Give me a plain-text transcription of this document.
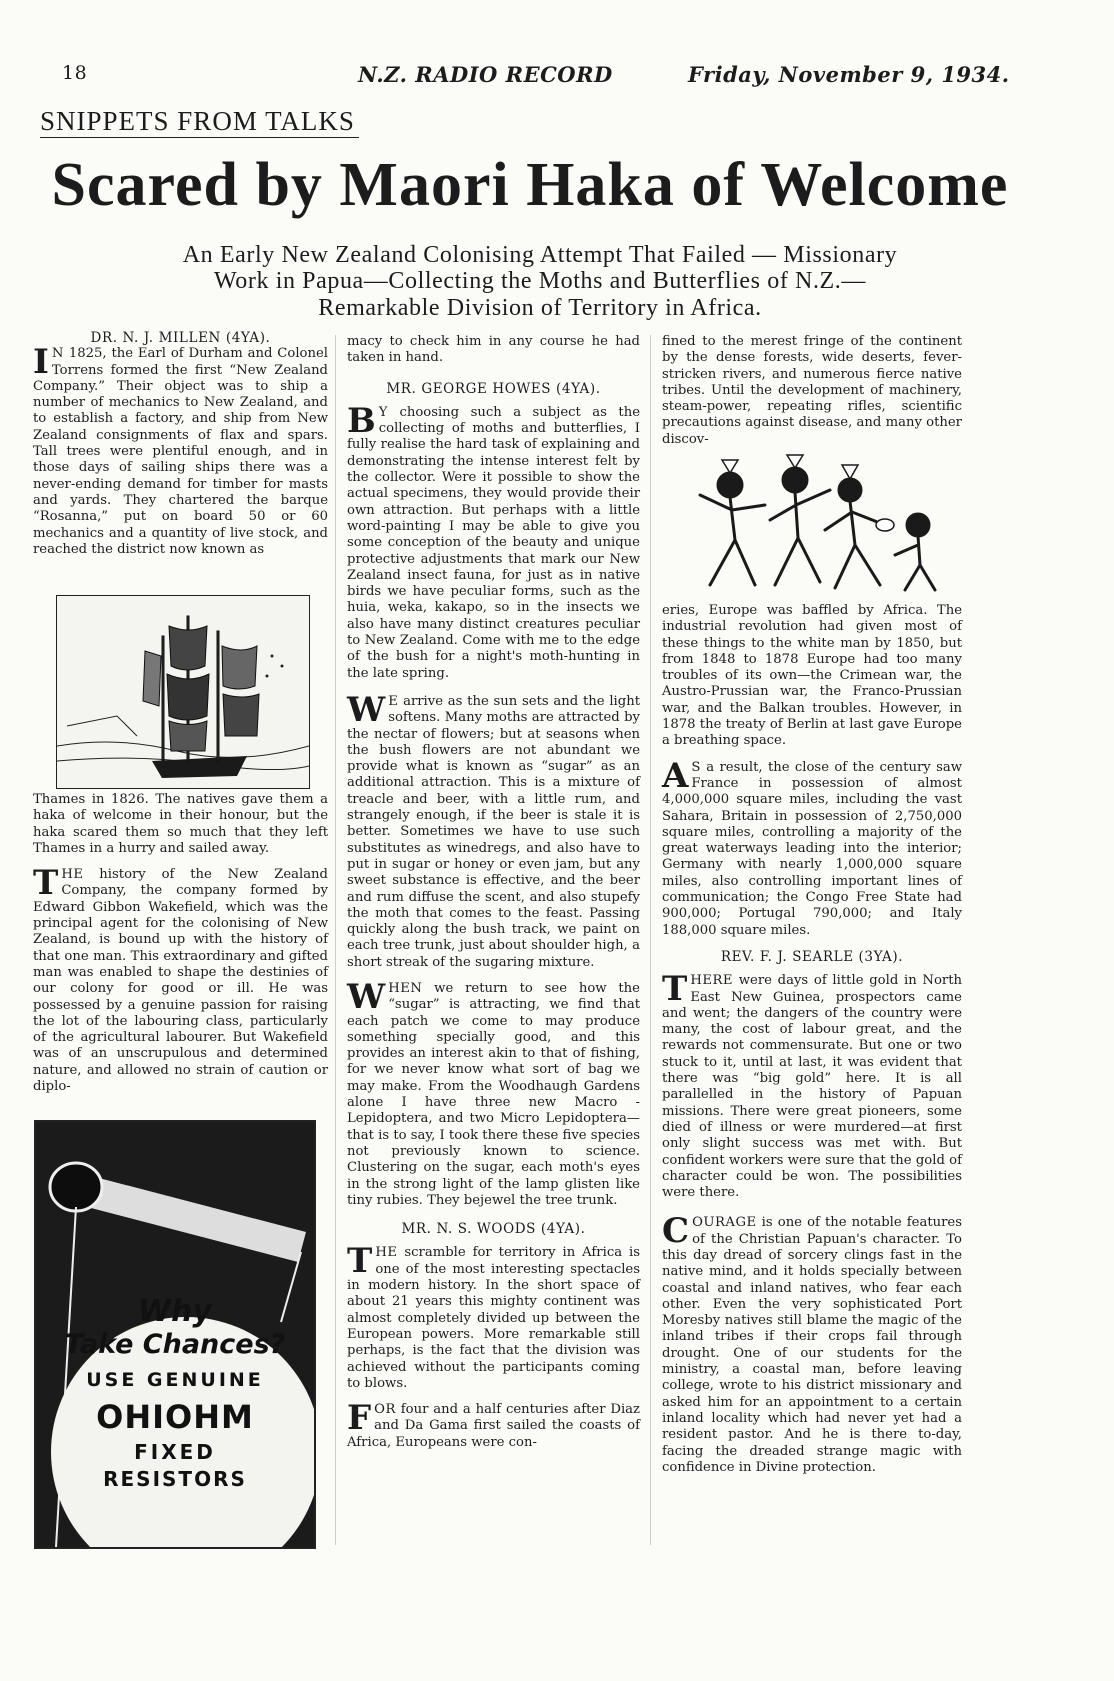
18	N.Z. RADIO RECORD	Friday, November 9, 1934.
SNIPPETS FROM TALKS
Scared by Maori Haka of Welcome
An Early New Zealand Colonising Attempt That Failed — Missionary
Work in Papua—Collecting the Moths and Butterflies of N.Z.—
Remarkable Division of Territory in Africa.

DR. N. J. MILLEN (4YA).

I N 1825, the Earl of Durham and Colonel Torrens formed the first “New Zealand Company.” Their object was to ship a number of mechanics to New Zealand, and to establish a factory, and ship from New Zealand consignments of flax and spars. Tall trees were plentiful enough, and in those days of sailing ships there was a never-ending demand for timber for masts and yards. They chartered the barque “Rosanna,” put on board 50 or 60 mechanics and a quantity of live stock, and reached the district now known as

Thames in 1826. The natives gave them a haka of welcome in their honour, but the haka scared them so much that they left Thames in a hurry and sailed away.

THE history of the New Zealand Company, the company formed by Edward Gibbon Wakefield, which was the principal agent for the colonising of New Zealand, is bound up with the history of that one man. This extraordinary and gifted man was enabled to shape the destinies of our colony for good or ill. He was possessed by a genuine passion for raising the lot of the labouring class, particularly of the agricultural labourer. But Wakefield was of an unscrupulous and determined nature, and allowed no strain of caution or diplo-

Why
Take Chances?
USE GENUINE
OHIOHM
FIXED
RESISTORS

macy to check him in any course he had taken in hand.

MR. GEORGE HOWES (4YA).

B Y choosing such a subject as the collecting of moths and butterflies, I fully realise the hard task of explaining and demonstrating the intense interest felt by the collector. Were it possible to show the actual specimens, they would provide their own attraction. But perhaps with a little word-painting I may be able to give you some conception of the beauty and unique protective adjustments that mark our New Zealand insect fauna, for just as in native birds we have peculiar forms, such as the huia, weka, kakapo, so in the insects we also have many distinct creatures peculiar to New Zealand. Come with me to the edge of the bush for a night's moth-hunting in the late spring.

W E arrive as the sun sets and the light softens. Many moths are attracted by the nectar of flowers; but at seasons when the bush flowers are not abundant we provide what is known as “sugar” as an additional attraction. This is a mixture of treacle and beer, with a little rum, and strangely enough, if the beer is stale it is better. Sometimes we have to use such substitutes as winedregs, and also have to put in sugar or honey or even jam, but any sweet substance is effective, and the beer and rum diffuse the scent, and also stupefy the moth that comes to the feast. Passing quickly along the bush track, we paint on each tree trunk, just about shoulder high, a short streak of the sugaring mixture.

WHEN we return to see how the “sugar” is attracting, we find that each patch we come to may produce something specially good, and this provides an interest akin to that of fishing, for we never know what sort of bag we may make. From the Woodhaugh Gardens alone I have three new Macro - Lepidoptera, and two Micro Lepidoptera—that is to say, I took there these five species not previously known to science. Clustering on the sugar, each moth's eyes in the strong light of the lamp glisten like tiny rubies. They bejewel the tree trunk.

MR. N. S. WOODS (4YA).

THE scramble for territory in Africa is one of the most interesting spectacles in modern history. In the short space of about 21 years this mighty continent was almost completely divided up between the European powers. More remarkable still perhaps, is the fact that the division was achieved without the participants coming to blows.

FOR four and a half centuries after Diaz and Da Gama first sailed the coasts of Africa, Europeans were con-

fined to the merest fringe of the continent by the dense forests, wide deserts, fever-stricken rivers, and numerous fierce native tribes. Until the development of machinery, steam-power, repeating rifles, scientific precautions against disease, and many other discov-

eries, Europe was baffled by Africa. The industrial revolution had given most of these things to the white man by 1850, but from 1848 to 1878 Europe had too many troubles of its own—the Crimean war, the Austro-Prussian war, the Franco-Prussian war, and the Balkan troubles. However, in 1878 the treaty of Berlin at last gave Europe a breathing space.

A S a result, the close of the century saw France in possession of almost 4,000,000 square miles, including the vast Sahara, Britain in possession of 2,750,000 square miles, controlling a majority of the great waterways leading into the interior; Germany with nearly 1,000,000 square miles, also controlling important lines of communication; the Congo Free State had 900,000; Portugal 790,000; and Italy 188,000 square miles.

REV. F. J. SEARLE (3YA).

THERE were days of little gold in North East New Guinea, prospectors came and went; the dangers of the country were many, the cost of labour great, and the rewards not commensurate. But one or two stuck to it, until at last, it was evident that there was “big gold” here. It is all parallelled in the history of Papuan missions. There were great pioneers, some died of illness or were murdered—at first only slight success was met with. But confident workers were sure that the gold of character could be won. The possibilities were there.

COURAGE is one of the notable features of the Christian Papuan's character. To this day dread of sorcery clings fast in the native mind, and it holds specially between coastal and inland natives, who fear each other. Even the very sophisticated Port Moresby natives still blame the magic of the inland tribes if their crops fail through drought. One of our students for the ministry, a coastal man, before leaving college, wrote to his district missionary and asked him for an appointment to a certain inland locality which had never yet had a resident pastor. And he is there to-day, facing the dreaded strange magic with confidence in Divine protection.
